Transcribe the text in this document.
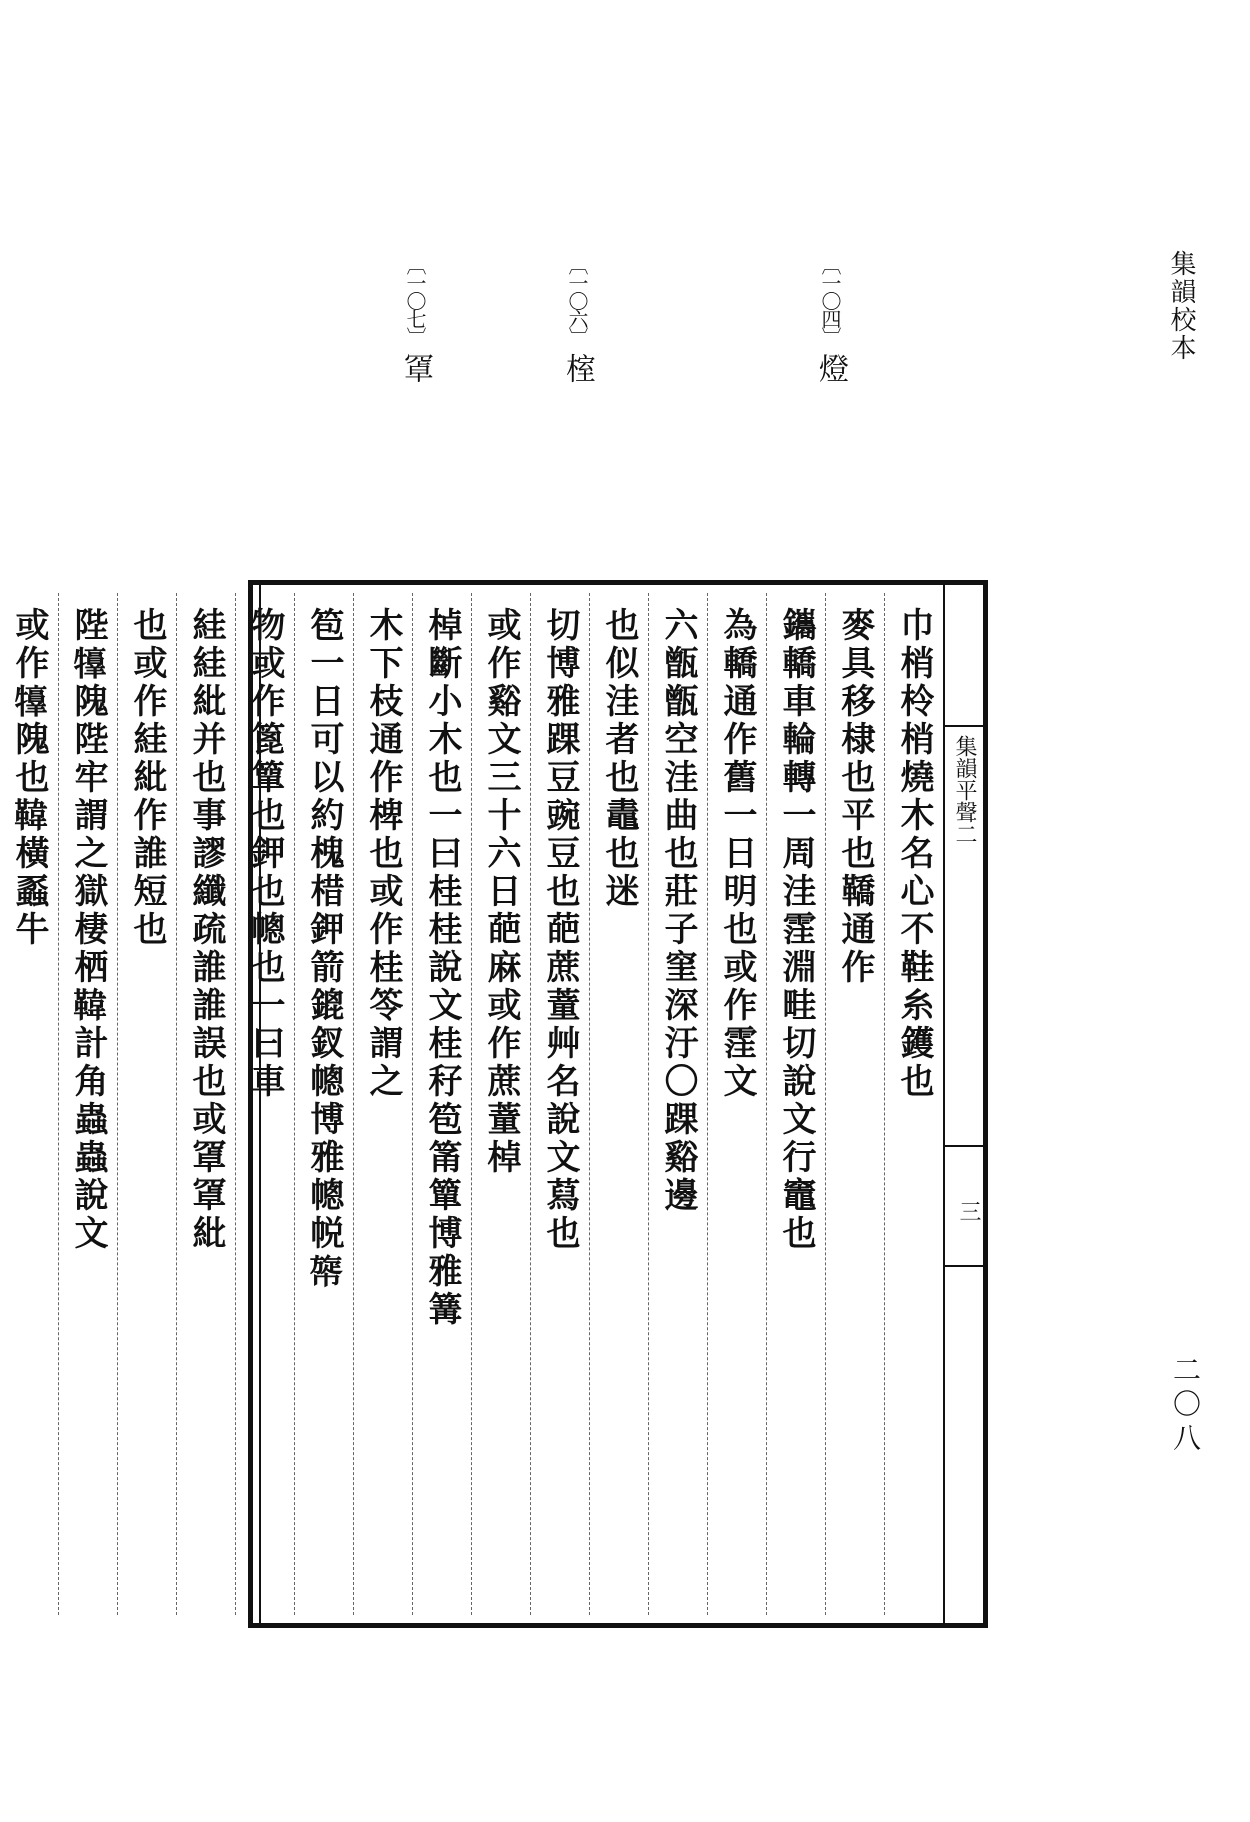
集韻校本
二〇八
〔一〇四〕燈
〔一〇六〕榁
〔一〇七〕𦋐
集韻平聲二
三
巾梢柃梢燒木名心不鞋糸鑊也
麥具移棣也平也鞽通作
鑴轎車輪轉一周洼霔淵畦切說文行竈也
為轎通作舊一日明也或作霔文
六甑甑空洼曲也莊子窐深汙〇踝谿邊
也似洼者也鼃也迷
切博雅踝豆豌豆也葩蔗蕫艸名說文蕮也
或作谿文三十六日葩麻或作蔗蕫棹
棹斷小木也一曰桂桂說文桂秄笣筩簞博雅篝
木下枝通作椑也或作桂笭謂之
笣一日可以約槐棤鉀箭鎞釵幒博雅幒帨𢄲
物或作篦簞也鉀也幒也一曰車
絓絓紕并也事謬纖疏誰誰誤也或𦋐𦋐紕
也或作絓紕作誰短也
陛𤜀隗陛牢謂之獄棲栖𩋾計角蟲蟲說文
或作𤜀隗也𩋾橫蟸牛
